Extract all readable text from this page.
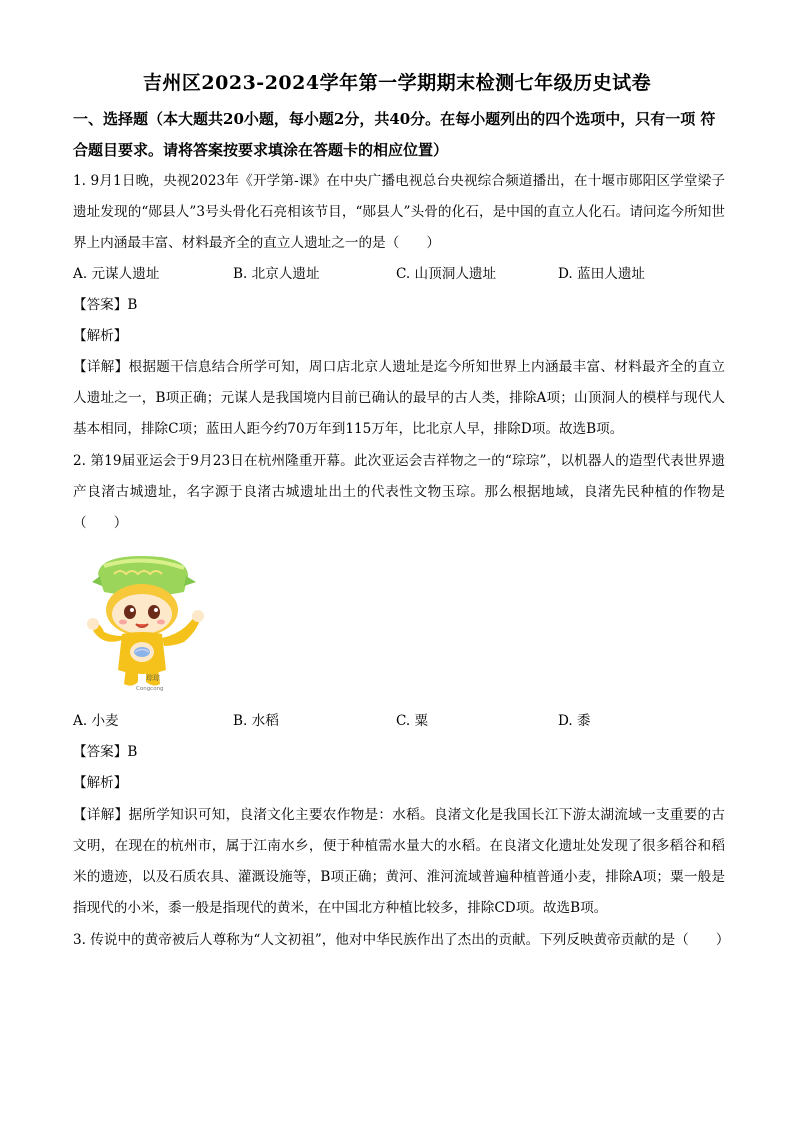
吉州区2023-2024学年第一学期期末检测七年级历史试卷
一、选择题（本大题共20小题，每小题2分，共40分。在每小题列出的四个选项中，只有一项 符合题目要求。请将答案按要求填涂在答题卡的相应位置）
1. 9月1日晚，央视2023年《开学第-课》在中央广播电视总台央视综合频道播出，在十堰市郧阳区学堂梁子遗址发现的“郧县人”3号头骨化石亮相该节目，“郧县人”头骨的化石，是中国的直立人化石。请问迄今所知世界上内涵最丰富、材料最齐全的直立人遗址之一的是（　　）
A. 元谋人遗址	B. 北京人遗址	C. 山顶洞人遗址	D. 蓝田人遗址
【答案】B
【解析】
【详解】根据题干信息结合所学可知，周口店北京人遗址是迄今所知世界上内涵最丰富、材料最齐全的直立人遗址之一，B项正确；元谋人是我国境内目前已确认的最早的古人类，排除A项；山顶洞人的模样与现代人基本相同，排除C项；蓝田人距今约70万年到115万年，比北京人早，排除D项。故选B项。
2. 第19届亚运会于9月23日在杭州隆重开幕。此次亚运会吉祥物之一的“琮琮”，以机器人的造型代表世界遗产良渚古城遗址，名字源于良渚古城遗址出土的代表性文物玉琮。那么根据地域，良渚先民种植的作物是（　　）
琮琮
Congcong
A. 小麦	B. 水稻	C. 粟	D. 黍
【答案】B
【解析】
【详解】据所学知识可知，良渚文化主要农作物是：水稻。良渚文化是我国长江下游太湖流域一支重要的古文明，在现在的杭州市，属于江南水乡，便于种植需水量大的水稻。在良渚文化遗址处发现了很多稻谷和稻米的遗迹，以及石质农具、灌溉设施等，B项正确；黄河、淮河流域普遍种植普通小麦，排除A项；粟一般是指现代的小米，黍一般是指现代的黄米，在中国北方种植比较多，排除CD项。故选B项。
3. 传说中的黄帝被后人尊称为“人文初祖”，他对中华民族作出了杰出的贡献。下列反映黄帝贡献的是（　　）
